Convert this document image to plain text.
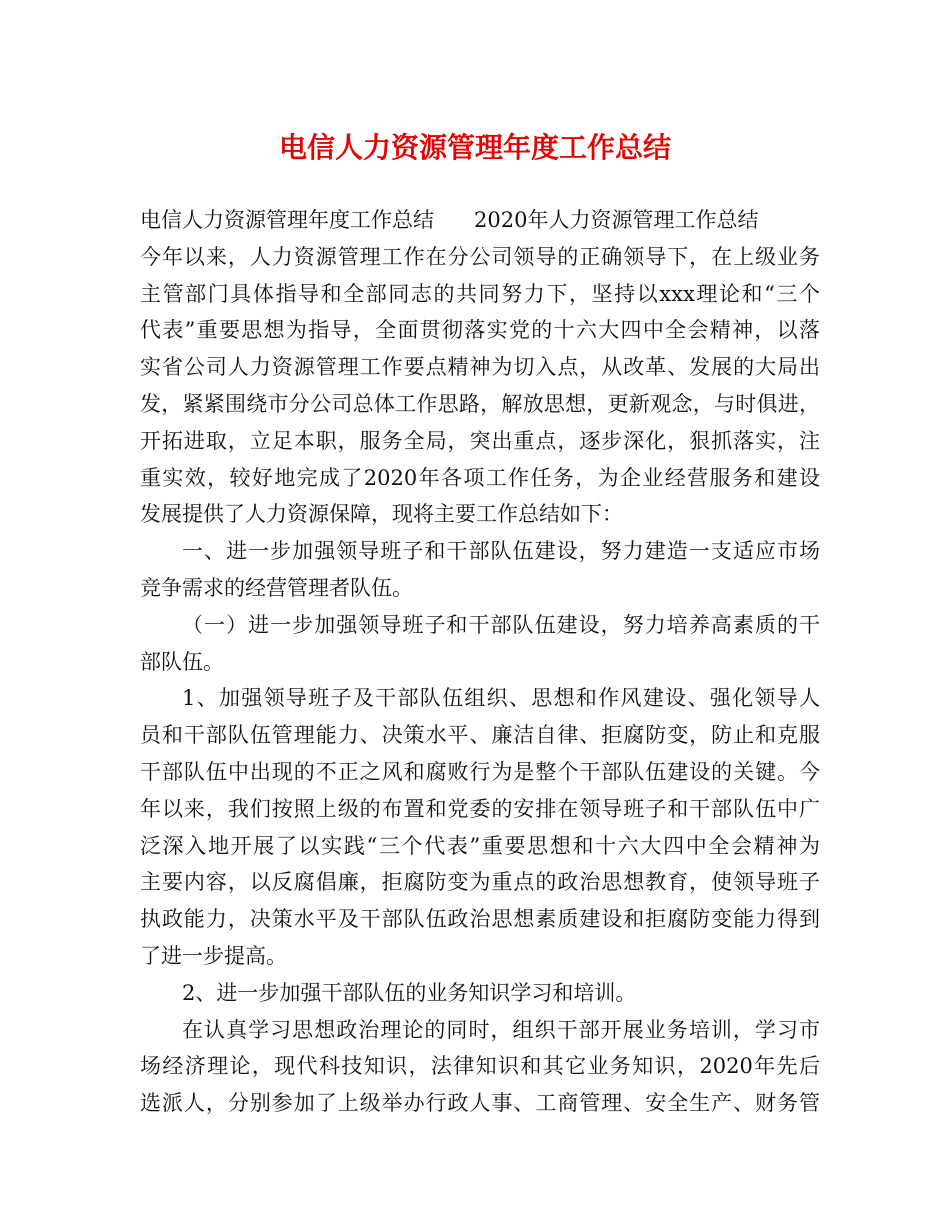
电信人力资源管理年度工作总结
电信人力资源管理年度工作总结 2020年人力资源管理工作总结
今年以来，人力资源管理工作在分公司领导的正确领导下，在上级业务
主管部门具体指导和全部同志的共同努力下，坚持以xxx理论和“三个
代表”重要思想为指导，全面贯彻落实党的十六大四中全会精神，以落
实省公司人力资源管理工作要点精神为切入点，从改革、发展的大局出
发，紧紧围绕市分公司总体工作思路，解放思想，更新观念，与时俱进，
开拓进取，立足本职，服务全局，突出重点，逐步深化，狠抓落实，注
重实效，较好地完成了2020年各项工作任务，为企业经营服务和建设
发展提供了人力资源保障，现将主要工作总结如下：
一、进一步加强领导班子和干部队伍建设，努力建造一支适应市场
竞争需求的经营管理者队伍。
（一）进一步加强领导班子和干部队伍建设，努力培养高素质的干
部队伍。
1、加强领导班子及干部队伍组织、思想和作风建设、强化领导人
员和干部队伍管理能力、决策水平、廉洁自律、拒腐防变，防止和克服
干部队伍中出现的不正之风和腐败行为是整个干部队伍建设的关键。今
年以来，我们按照上级的布置和党委的安排在领导班子和干部队伍中广
泛深入地开展了以实践“三个代表”重要思想和十六大四中全会精神为
主要内容，以反腐倡廉，拒腐防变为重点的政治思想教育，使领导班子
执政能力，决策水平及干部队伍政治思想素质建设和拒腐防变能力得到
了进一步提高。
2、进一步加强干部队伍的业务知识学习和培训。
在认真学习思想政治理论的同时，组织干部开展业务培训，学习市
场经济理论，现代科技知识，法律知识和其它业务知识，2020年先后
选派人，分别参加了上级举办行政人事、工商管理、安全生产、财务管
